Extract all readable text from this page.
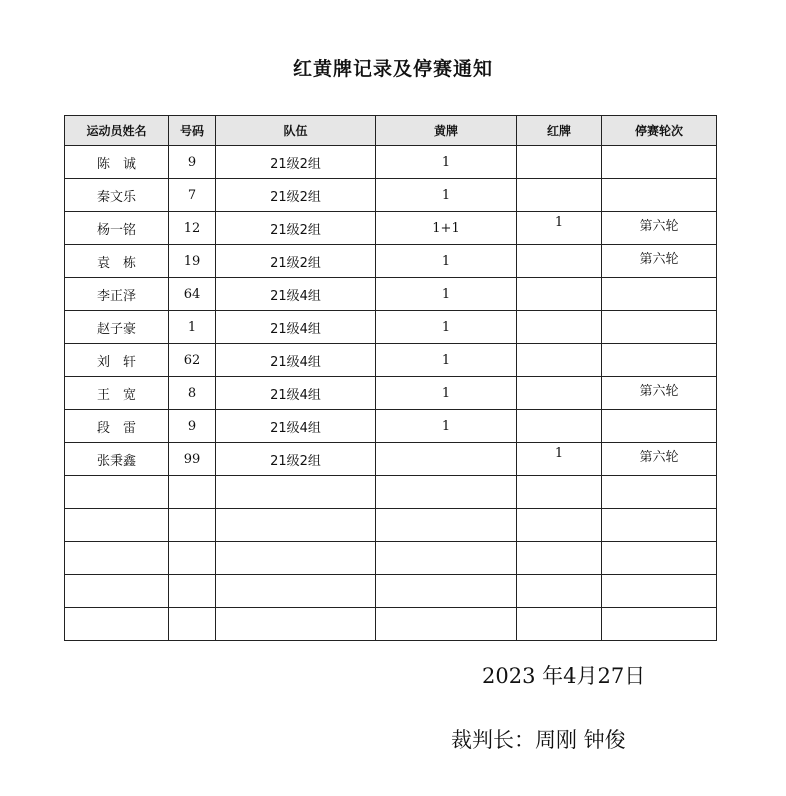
红黄牌记录及停赛通知
运动员姓名	号码	队伍	黄牌	红牌	停赛轮次
陈　诚	9	21级2组	1		
秦文乐	7	21级2组	1		
杨一铭	12	21级2组	1+1	1	第六轮
袁　栋	19	21级2组	1		第六轮
李正泽	64	21级4组	1		
赵子豪	1	21级4组	1		
刘　轩	62	21级4组	1		
王　宽	8	21级4组	1		第六轮
段　雷	9	21级4组	1		
张秉鑫	99	21级2组		1	第六轮

2023 年4月27日
裁判长：周刚 钟俊
